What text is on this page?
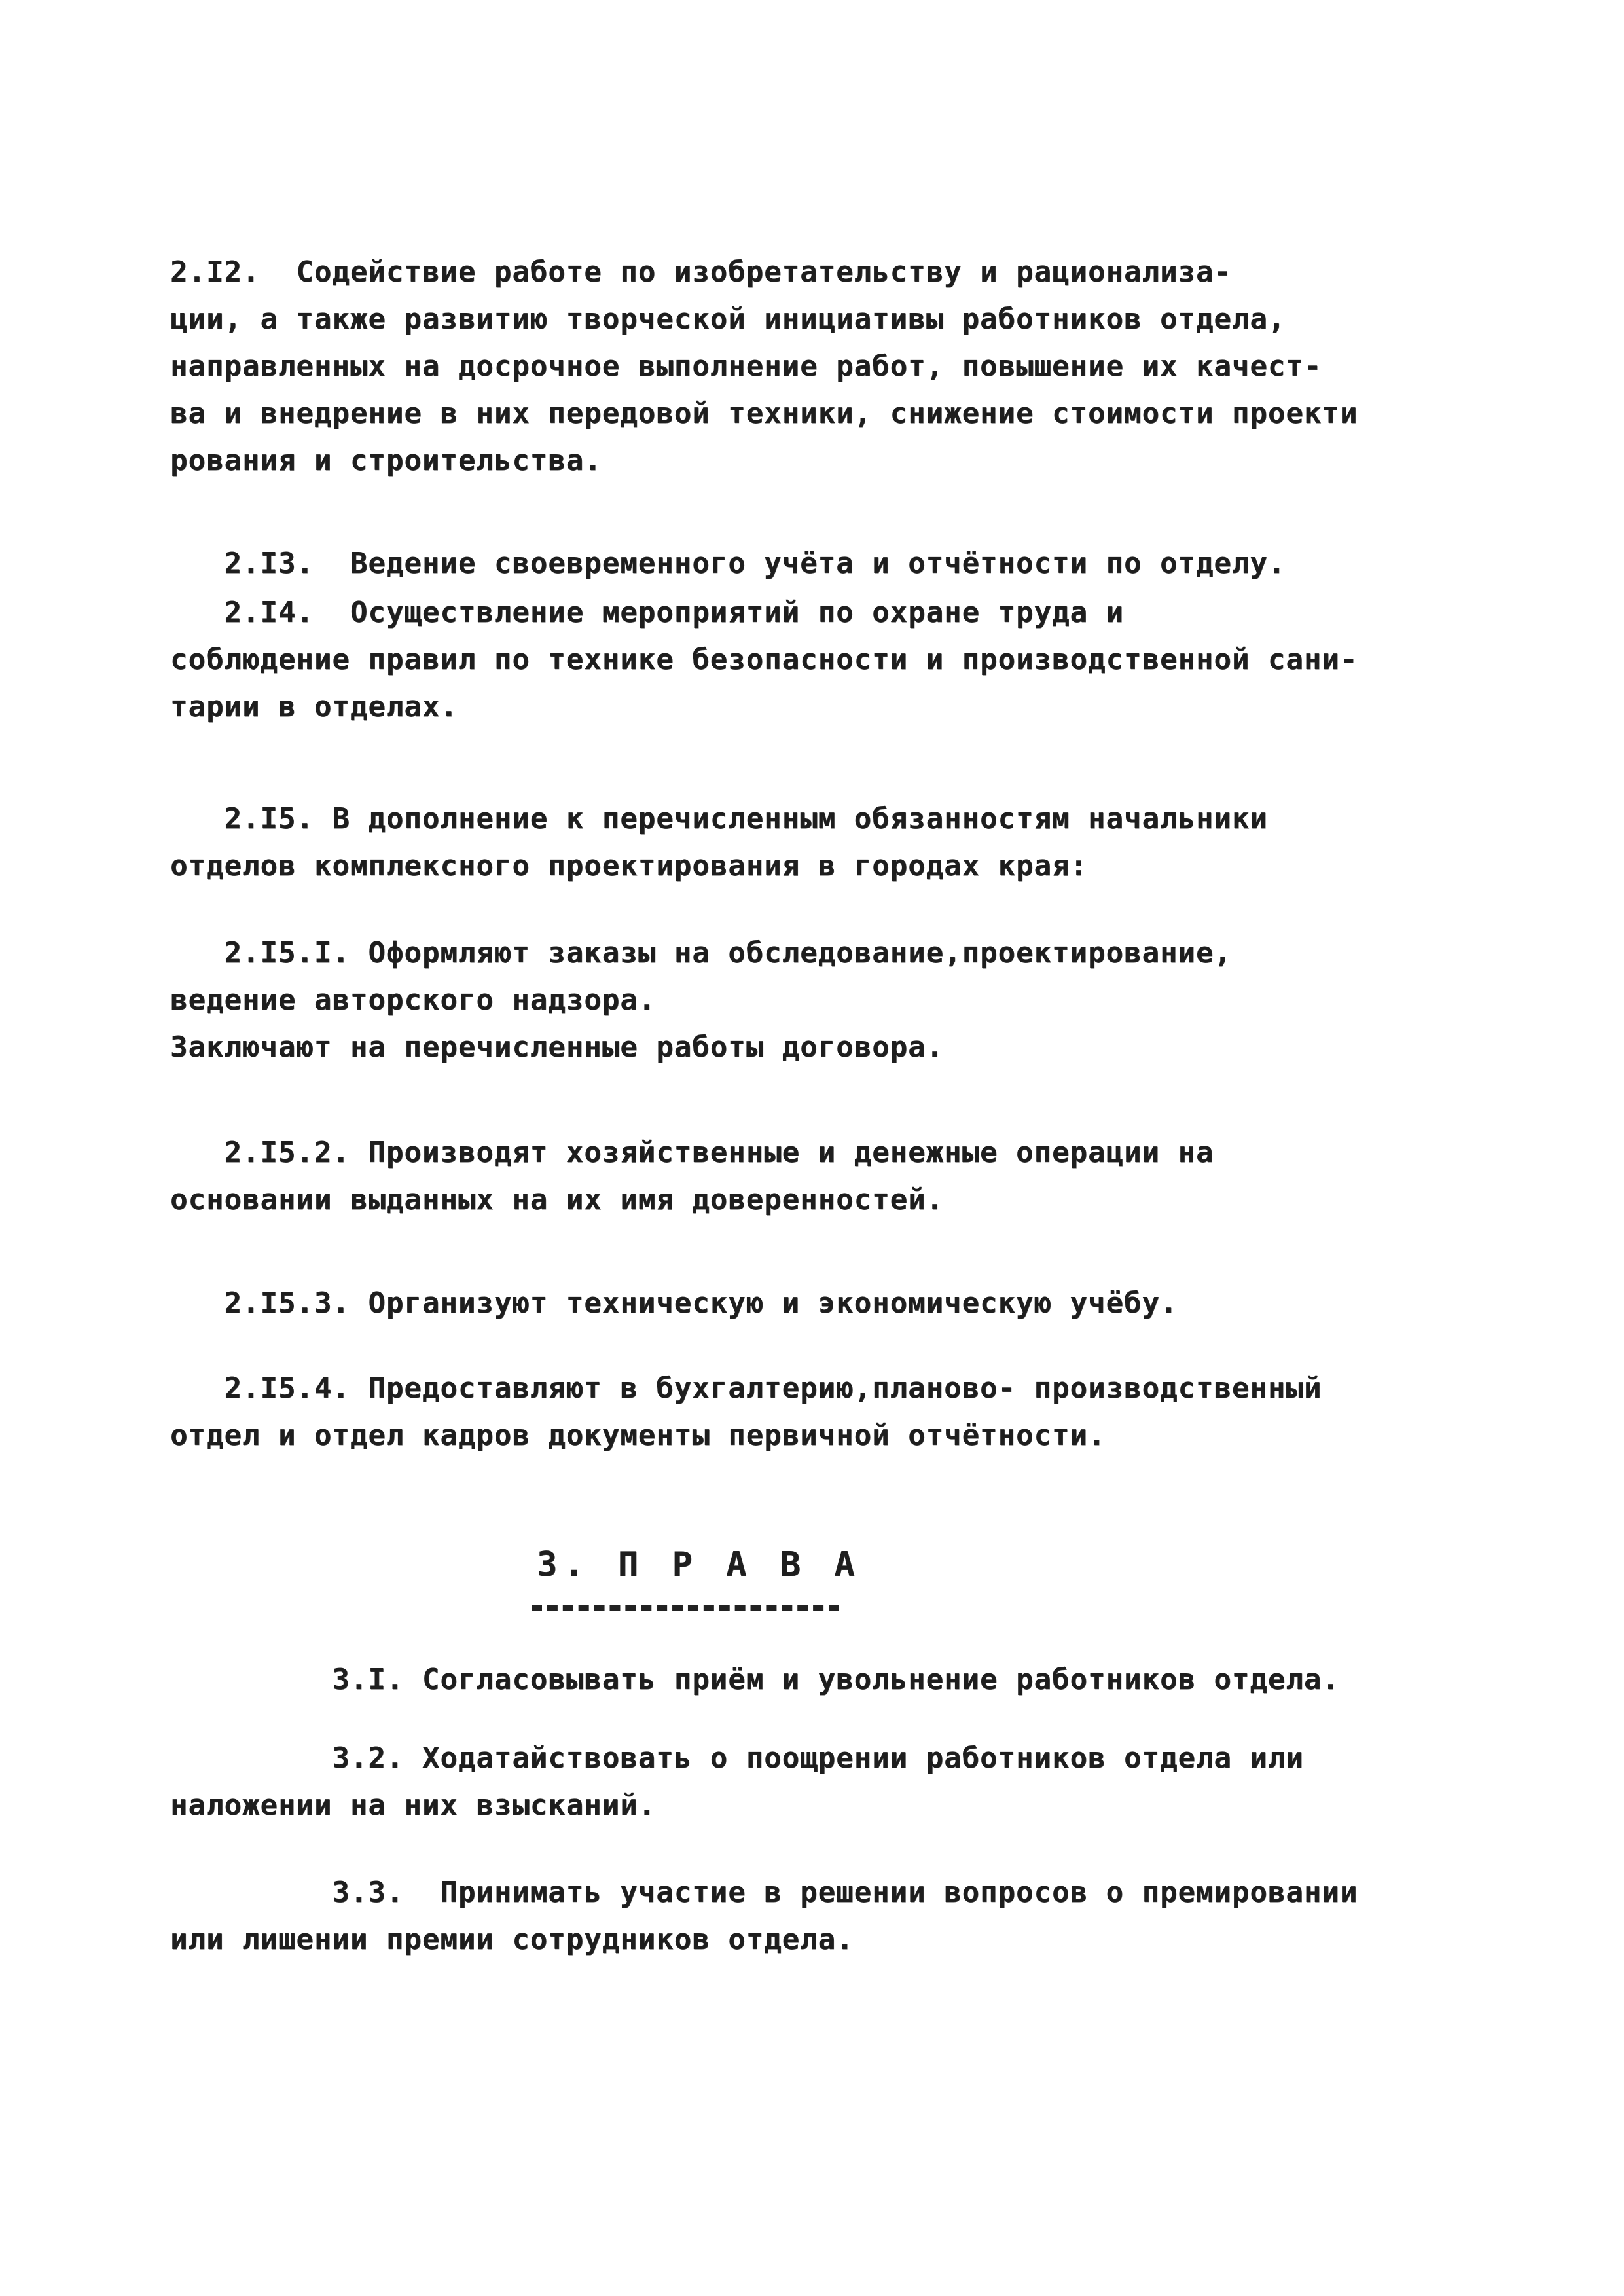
2.I2.  Содействие работе по изобретательству и рационализа-
ции, а также развитию творческой инициативы работников отдела,
направленных на досрочное выполнение работ, повышение их качест-
ва и внедрение в них передовой техники, снижение стоимости проекти
рования и строительства.
2.I3.  Ведение своевременного учёта и отчётности по отделу.
2.I4.  Осуществление мероприятий по охране труда и
соблюдение правил по технике безопасности и производственной сани-
тарии в отделах.
2.I5. В дополнение к перечисленным обязанностям начальники
отделов комплексного проектирования в городах края:
2.I5.I. Оформляют заказы на обследование,проектирование,
ведение авторского надзора.
Заключают на перечисленные работы договора.
2.I5.2. Производят хозяйственные и денежные операции на
основании выданных на их имя доверенностей.
2.I5.3. Организуют техническую и экономическую учёбу.
2.I5.4. Предоставляют в бухгалтерию,планово- производственный
отдел и отдел кадров документы первичной отчётности.
3. П Р А В А
3.I. Согласовывать приём и увольнение работников отдела.
3.2. Ходатайствовать о поощрении работников отдела или
наложении на них взысканий.
3.3.  Принимать участие в решении вопросов о премировании
или лишении премии сотрудников отдела.
